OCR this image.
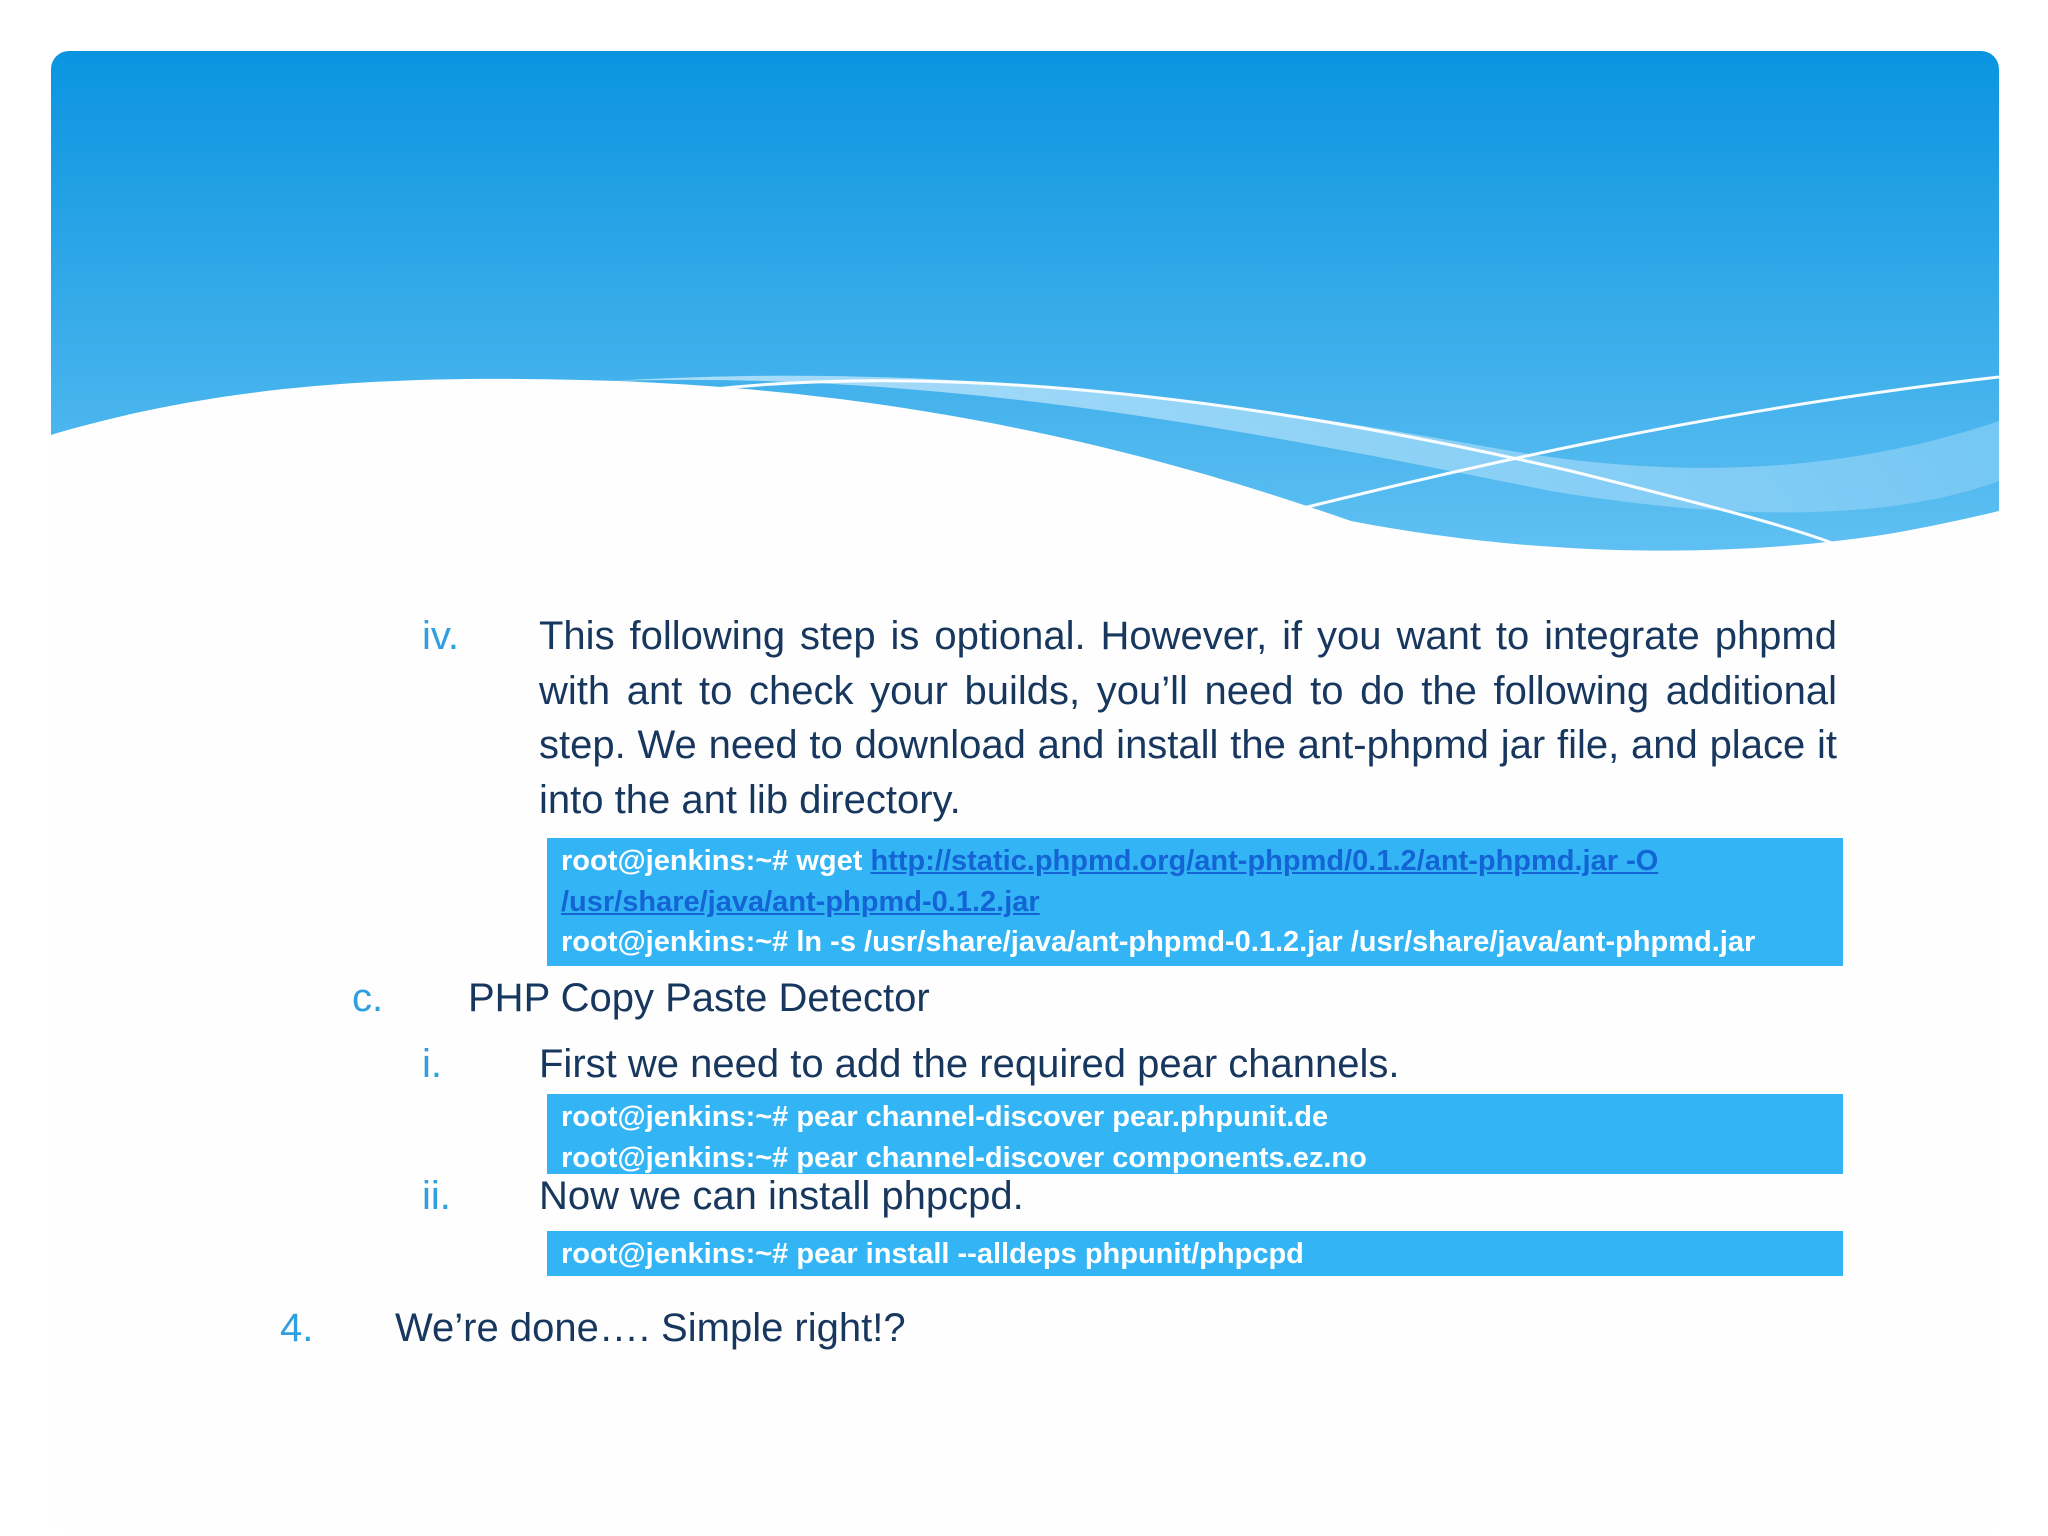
iv. This following step is optional. However, if you want to integrate phpmd with ant to check your builds, you’ll need to do the following additional step. We need to download and install the ant-phpmd jar file, and place it into the ant lib directory.
root@jenkins:~# wget http://static.phpmd.org/ant-phpmd/0.1.2/ant-phpmd.jar -O
/usr/share/java/ant-phpmd-0.1.2.jar
root@jenkins:~# ln -s /usr/share/java/ant-phpmd-0.1.2.jar /usr/share/java/ant-phpmd.jar
c. PHP Copy Paste Detector
i. First we need to add the required pear channels.
root@jenkins:~# pear channel-discover pear.phpunit.de
root@jenkins:~# pear channel-discover components.ez.no
ii. Now we can install phpcpd.
root@jenkins:~# pear install --alldeps phpunit/phpcpd
4. We’re done…. Simple right!?
